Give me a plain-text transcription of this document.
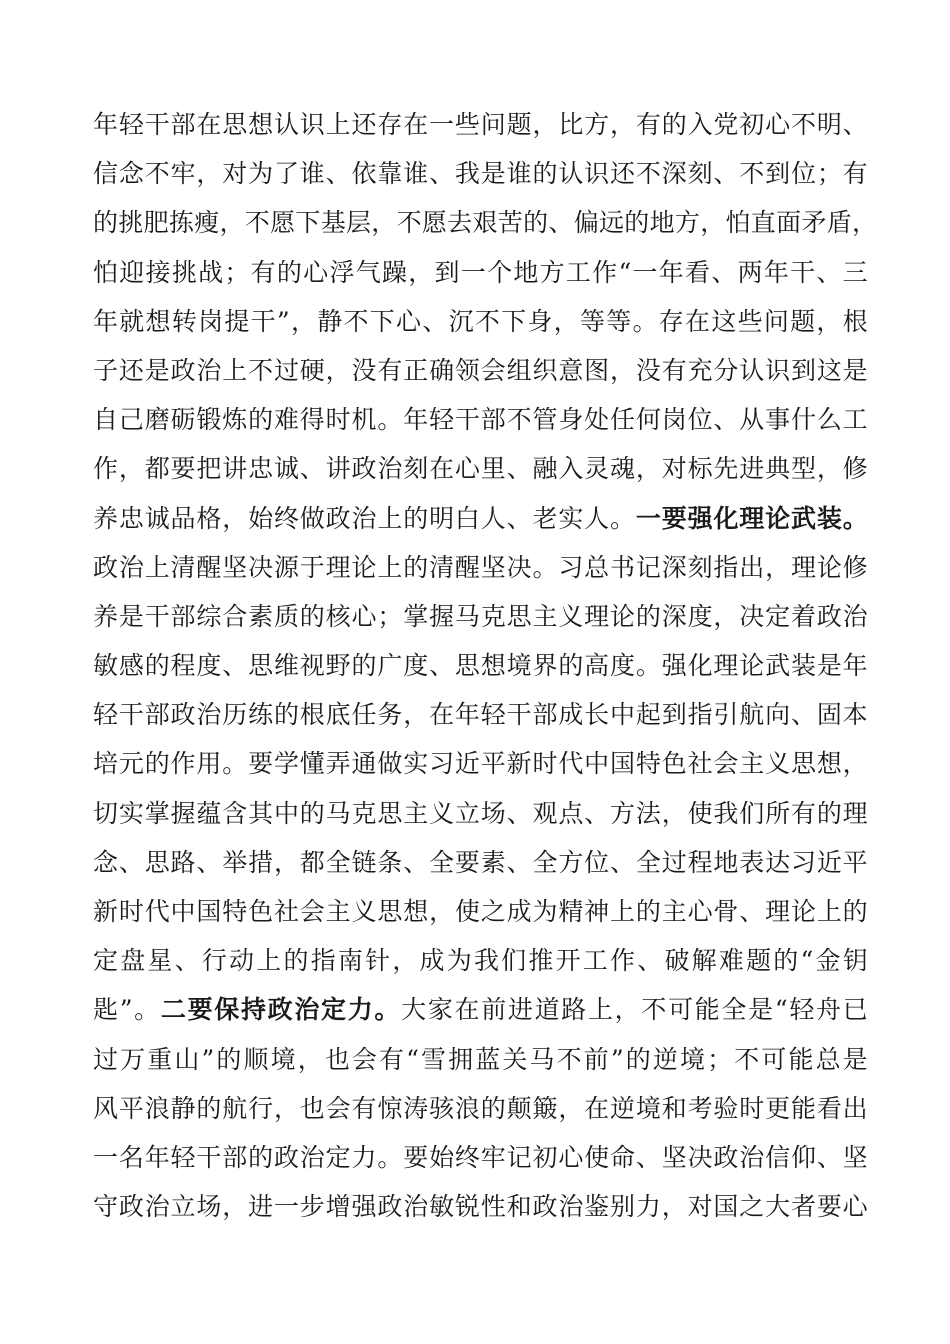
年轻干部在思想认识上还存在一些问题，比方，有的入党初心不明、
信念不牢，对为了谁、依靠谁、我是谁的认识还不深刻、不到位；有
的挑肥拣瘦，不愿下基层，不愿去艰苦的、偏远的地方，怕直面矛盾，
怕迎接挑战；有的心浮气躁，到一个地方工作“一年看、两年干、三
年就想转岗提干”，静不下心、沉不下身，等等。存在这些问题，根
子还是政治上不过硬，没有正确领会组织意图，没有充分认识到这是
自己磨砺锻炼的难得时机。年轻干部不管身处任何岗位、从事什么工
作，都要把讲忠诚、讲政治刻在心里、融入灵魂，对标先进典型，修
养忠诚品格，始终做政治上的明白人、老实人。一要强化理论武装。
政治上清醒坚决源于理论上的清醒坚决。习总书记深刻指出，理论修
养是干部综合素质的核心；掌握马克思主义理论的深度，决定着政治
敏感的程度、思维视野的广度、思想境界的高度。强化理论武装是年
轻干部政治历练的根底任务，在年轻干部成长中起到指引航向、固本
培元的作用。要学懂弄通做实习近平新时代中国特色社会主义思想，
切实掌握蕴含其中的马克思主义立场、观点、方法，使我们所有的理
念、思路、举措，都全链条、全要素、全方位、全过程地表达习近平
新时代中国特色社会主义思想，使之成为精神上的主心骨、理论上的
定盘星、行动上的指南针，成为我们推开工作、破解难题的“金钥
匙”。二要保持政治定力。大家在前进道路上，不可能全是“轻舟已
过万重山”的顺境，也会有“雪拥蓝关马不前”的逆境；不可能总是
风平浪静的航行，也会有惊涛骇浪的颠簸，在逆境和考验时更能看出
一名年轻干部的政治定力。要始终牢记初心使命、坚决政治信仰、坚
守政治立场，进一步增强政治敏锐性和政治鉴别力，对国之大者要心
